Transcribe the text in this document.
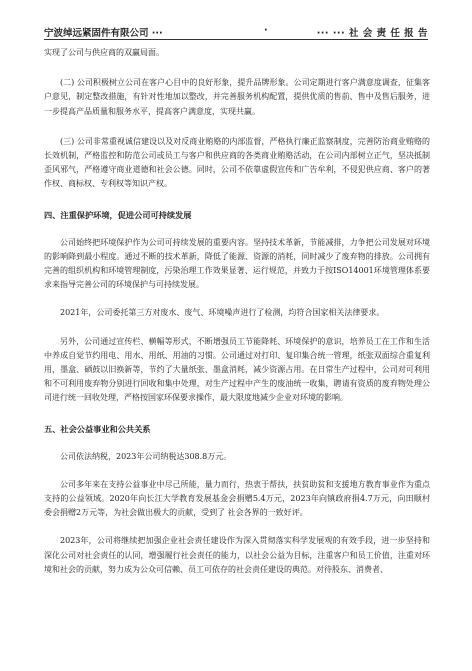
宁波绰远紧固件有限公司 ···	·	··· ··· 社 会 责 任 报 告

实现了公司与供应商的双赢局面。

(二) 公司积极树立公司在客户心目中的良好形象，提升品牌形象。公司定期进行客户满意度调查，征集客户意见，制定整改措施，有针对性地加以整改，并完善服务机构配置，提供优质的售前、售中及售后服务，进一步提高产品质量和服务水平，提高客户满意度，实现共赢。

(三) 公司非常重视诚信建设以及对反商业贿赂的内部监督，严格执行廉正监察制度，完善防治商业贿赂的长效机制，严格监控和防范公司或员工与客户和供应商的各类商业贿赂活动，在公司内部树立正气，坚决抵制歪风邪气，严格遵守商业道德和社会公德。同时，公司不依靠虚假宣传和广告牟利，不侵犯供应商、客户的著作权、商标权、专利权等知识产权。

四、注重保护环境，促进公司可持续发展

公司始终把环境保护作为公司可持续发展的重要内容。坚持技术革新，节能减排，力争把公司发展对环境的影响降到最小程度。通过不断的技术革新，降低了能源、资源的消耗，同时减少了废弃物的排放。公司拥有完善的组织机构和环境管理制度，污染治理工作效果显著、运行规范，并致力于按ISO14001环境管理体系要求来指导完善公司的环境保护与可持续发展。

2021年，公司委托第三方对废水、废气、环境噪声进行了检测，均符合国家相关法律要求。

另外，公司通过宣传栏、横幅等形式，不断增强员工节能降耗、环境保护的意识，培养员工在工作和生活中养成自觉节约用电、用水、用纸、用油的习惯。公司通过对打印、复印集合统一管理，纸张双面综合重复利用，墨盒、硒鼓以旧换新等，节约了大量纸张、墨盒消耗，减少资源占用。在日常生产过程中，公司对可利用和不可利用废弃物分别进行回收和集中处理，对生产过程中产生的废油统一收集，聘请有资质的废弃物处理公司进行统一回收处理，严格按国家环保要求操作，最大限度地减少企业对环境的影响。

五、社会公益事业和公共关系

公司依法纳税，2023年公司纳税达308.8万元。

公司多年来在支持公益事业中尽己所能，量力而行，热衷于帮扶，扶贫助贫和支援地方教育事业作为重点支持的公益领域。2020年向长江大学教育发展基金会捐赠5.4万元，2023年向镇政府捐4.7万元，向田顺村委会捐赠2万元等，为社会做出极大的贡献，受到了 社会各界的一致好评。

2023年，公司将继续把加强企业社会责任建设作为深入贯彻落实科学发展观的有效手段，进一步坚持和深化公司对社会责任的认同，增强履行社会责任的能力，以社会公益为目标，注重客户和员工价值，注重对环境和社会的贡献，努力成为公众可信赖、员工可依存的社会责任建设的典范。对待股东、消费者、
